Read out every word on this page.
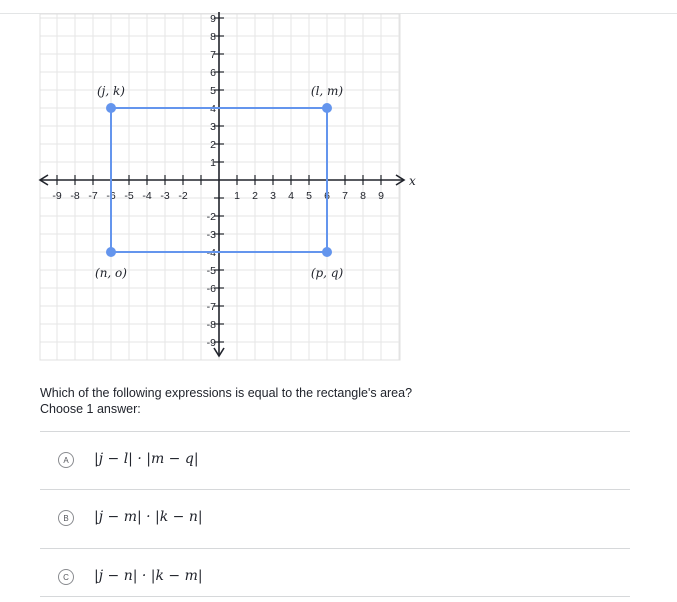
-9 -8 -7 -6 -5 -4 -3 -2	1 2 3 4 5 6 7 8 9
9
8
7
6
5
4
3
2
1
-2
-3
-4
-5
-6
-7
-8
-9
x
(j, k)	(l, m)
(n, o)	(p, q)
Which of the following expressions is equal to the rectangle's area?
Choose 1 answer:
A	|j − l| · |m − q|
B	|j − m| · |k − n|
C	|j − n| · |k − m|
